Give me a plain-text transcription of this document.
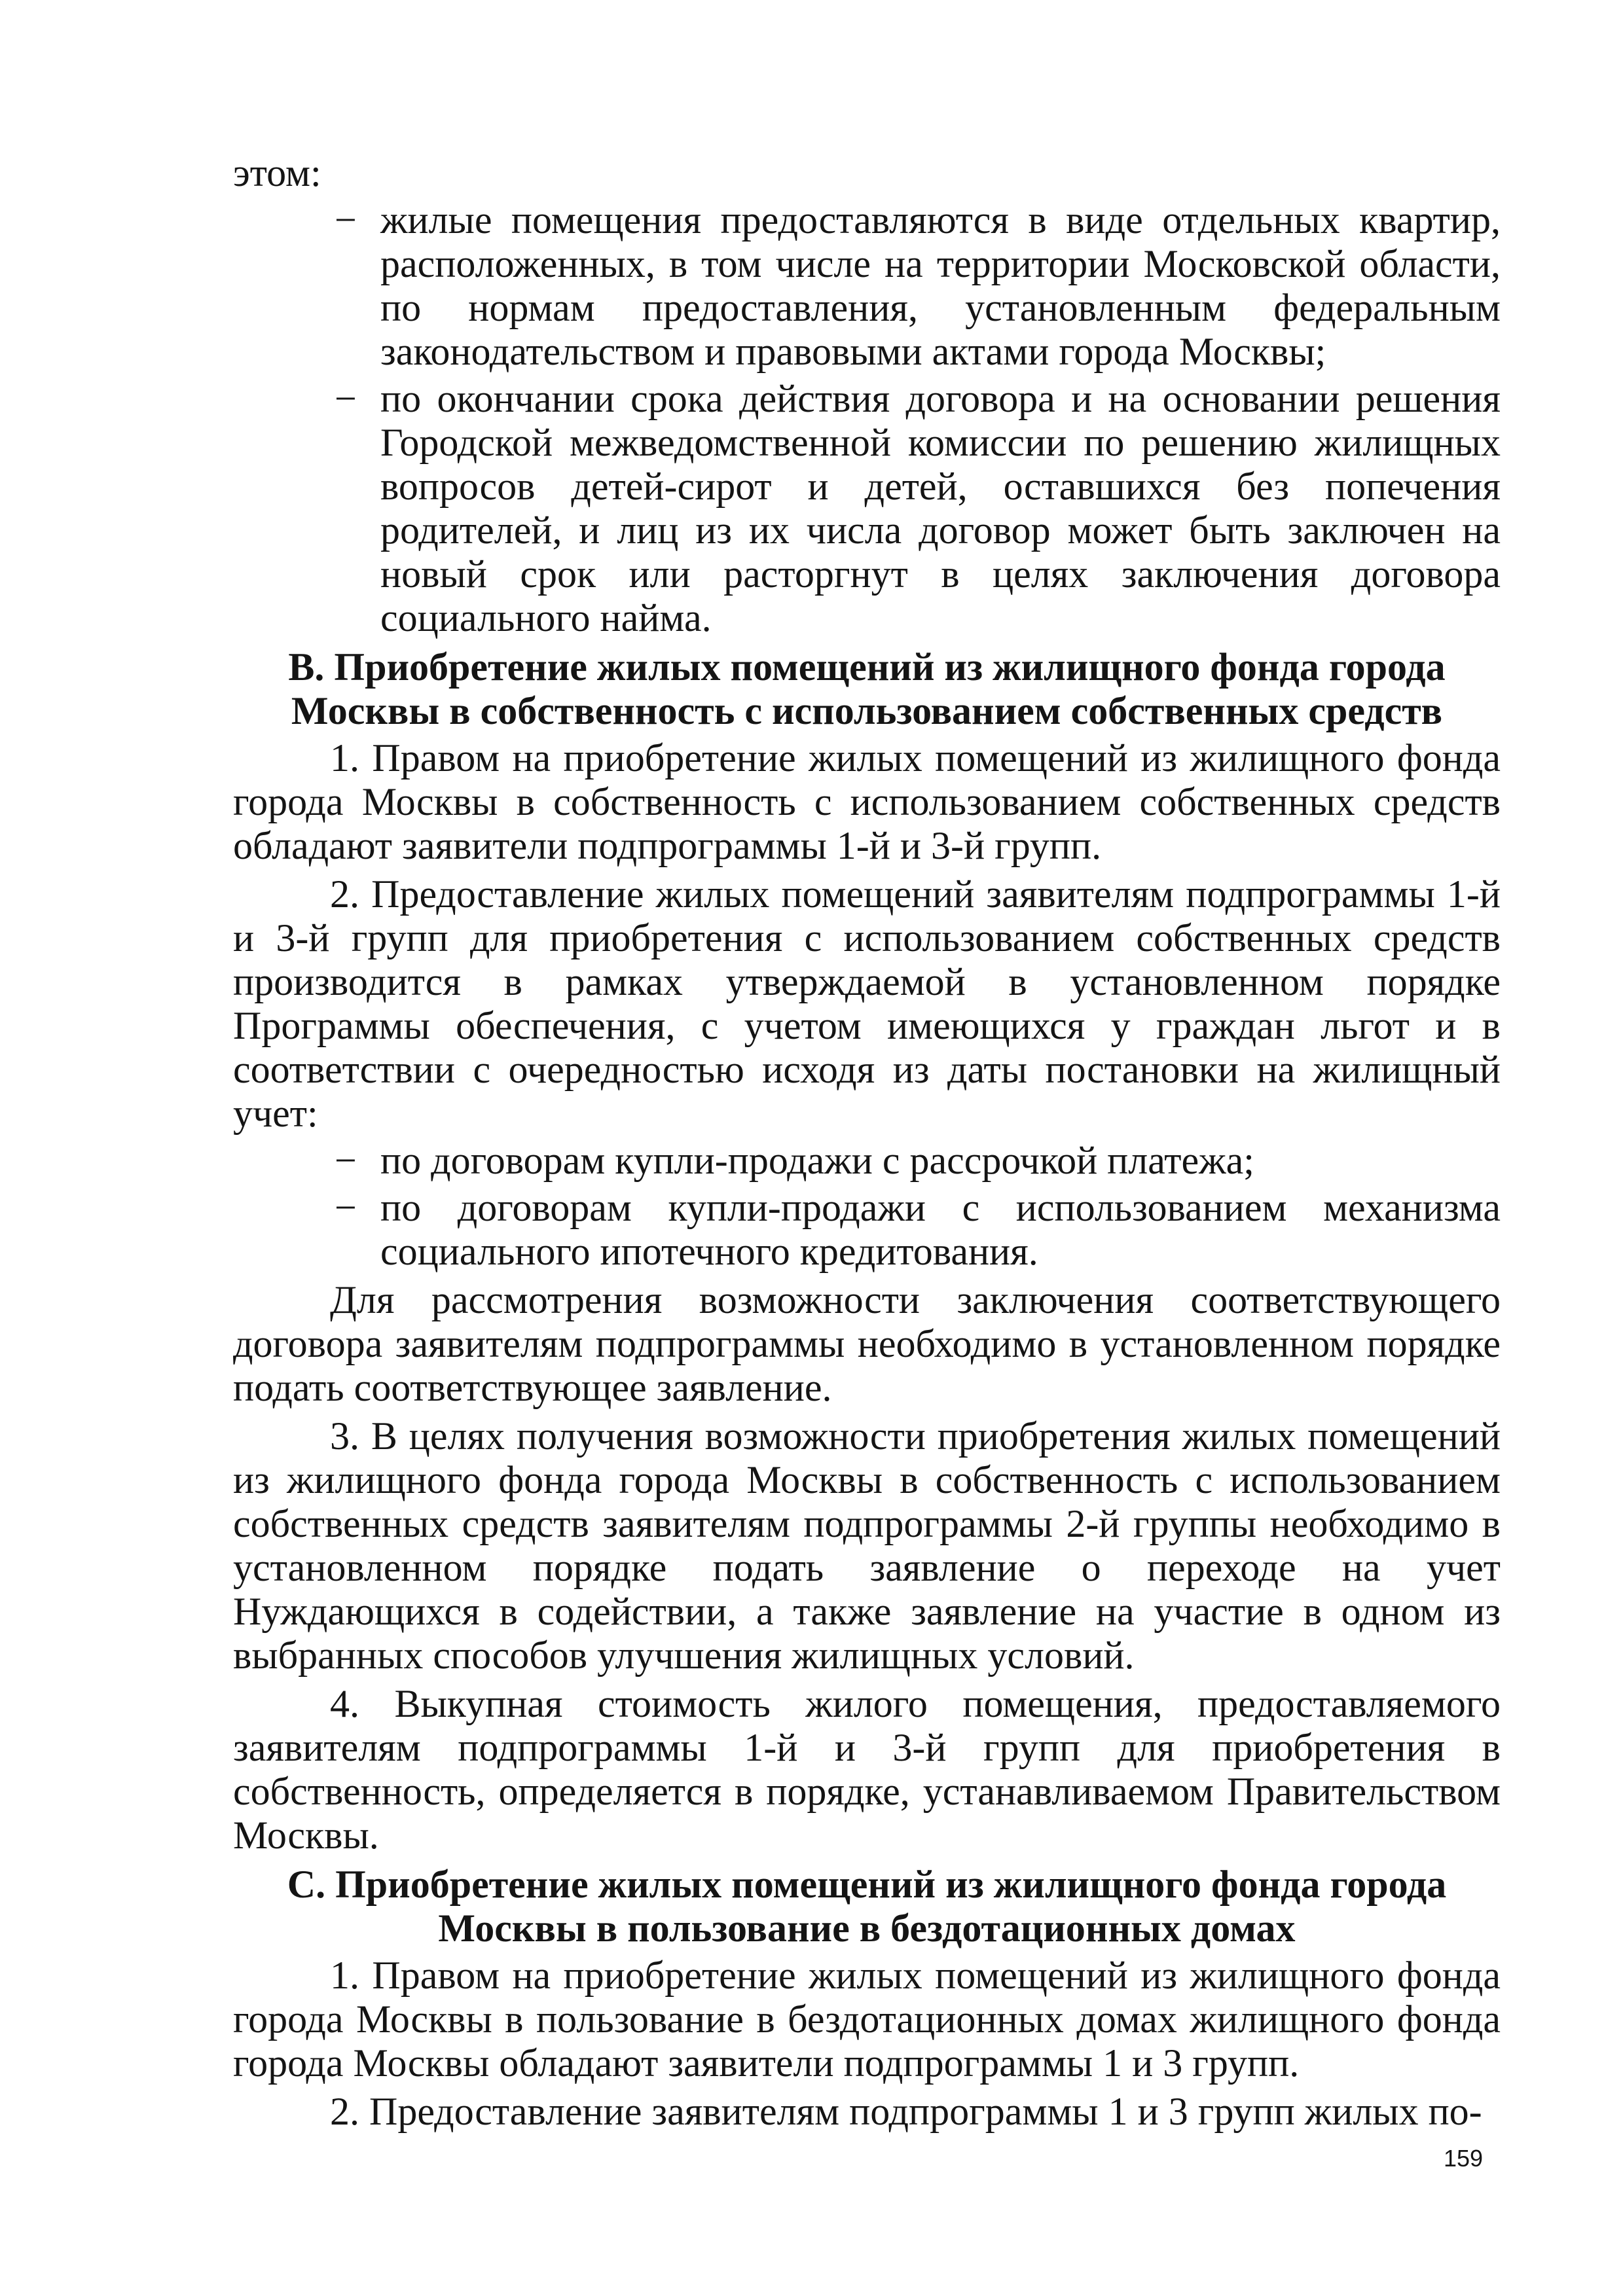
этом:

− жилые помещения предоставляются в виде отдельных квартир, расположенных, в том числе на территории Московской области, по нормам предоставления, установленным федеральным законодательством и правовыми актами города Москвы;
− по окончании срока действия договора и на основании решения Городской межведомственной комиссии по решению жилищных вопросов детей-сирот и детей, оставшихся без попечения родителей, и лиц из их числа договор может быть заключен на новый срок или расторгнут в целях заключения договора социального найма.

В. Приобретение жилых помещений из жилищного фонда города Москвы в собственность с использованием собственных средств

1. Правом на приобретение жилых помещений из жилищного фонда города Москвы в собственность с использованием собственных средств обладают заявители подпрограммы 1-й и 3-й групп.

2. Предоставление жилых помещений заявителям подпрограммы 1-й и 3-й групп для приобретения с использованием собственных средств производится в рамках утверждаемой в установленном порядке Программы обеспечения, с учетом имеющихся у граждан льгот и в соответствии с очередностью исходя из даты постановки на жилищный учет:

− по договорам купли-продажи с рассрочкой платежа;
− по договорам купли-продажи с использованием механизма социального ипотечного кредитования.

Для рассмотрения возможности заключения соответствующего договора заявителям подпрограммы необходимо в установленном порядке подать соответствующее заявление.

3. В целях получения возможности приобретения жилых помещений из жилищного фонда города Москвы в собственность с использованием собственных средств заявителям подпрограммы 2-й группы необходимо в установленном порядке подать заявление о переходе на учет Нуждающихся в содействии, а также заявление на участие в одном из выбранных способов улучшения жилищных условий.

4. Выкупная стоимость жилого помещения, предоставляемого заявителям подпрограммы 1-й и 3-й групп для приобретения в собственность, определяется в порядке, устанавливаемом Правительством Москвы.

С. Приобретение жилых помещений из жилищного фонда города Москвы в пользование в бездотационных домах

1. Правом на приобретение жилых помещений из жилищного фонда города Москвы в пользование в бездотационных домах жилищного фонда города Москвы обладают заявители подпрограммы 1 и 3 групп.

2. Предоставление заявителям подпрограммы 1 и 3 групп жилых по-

159
